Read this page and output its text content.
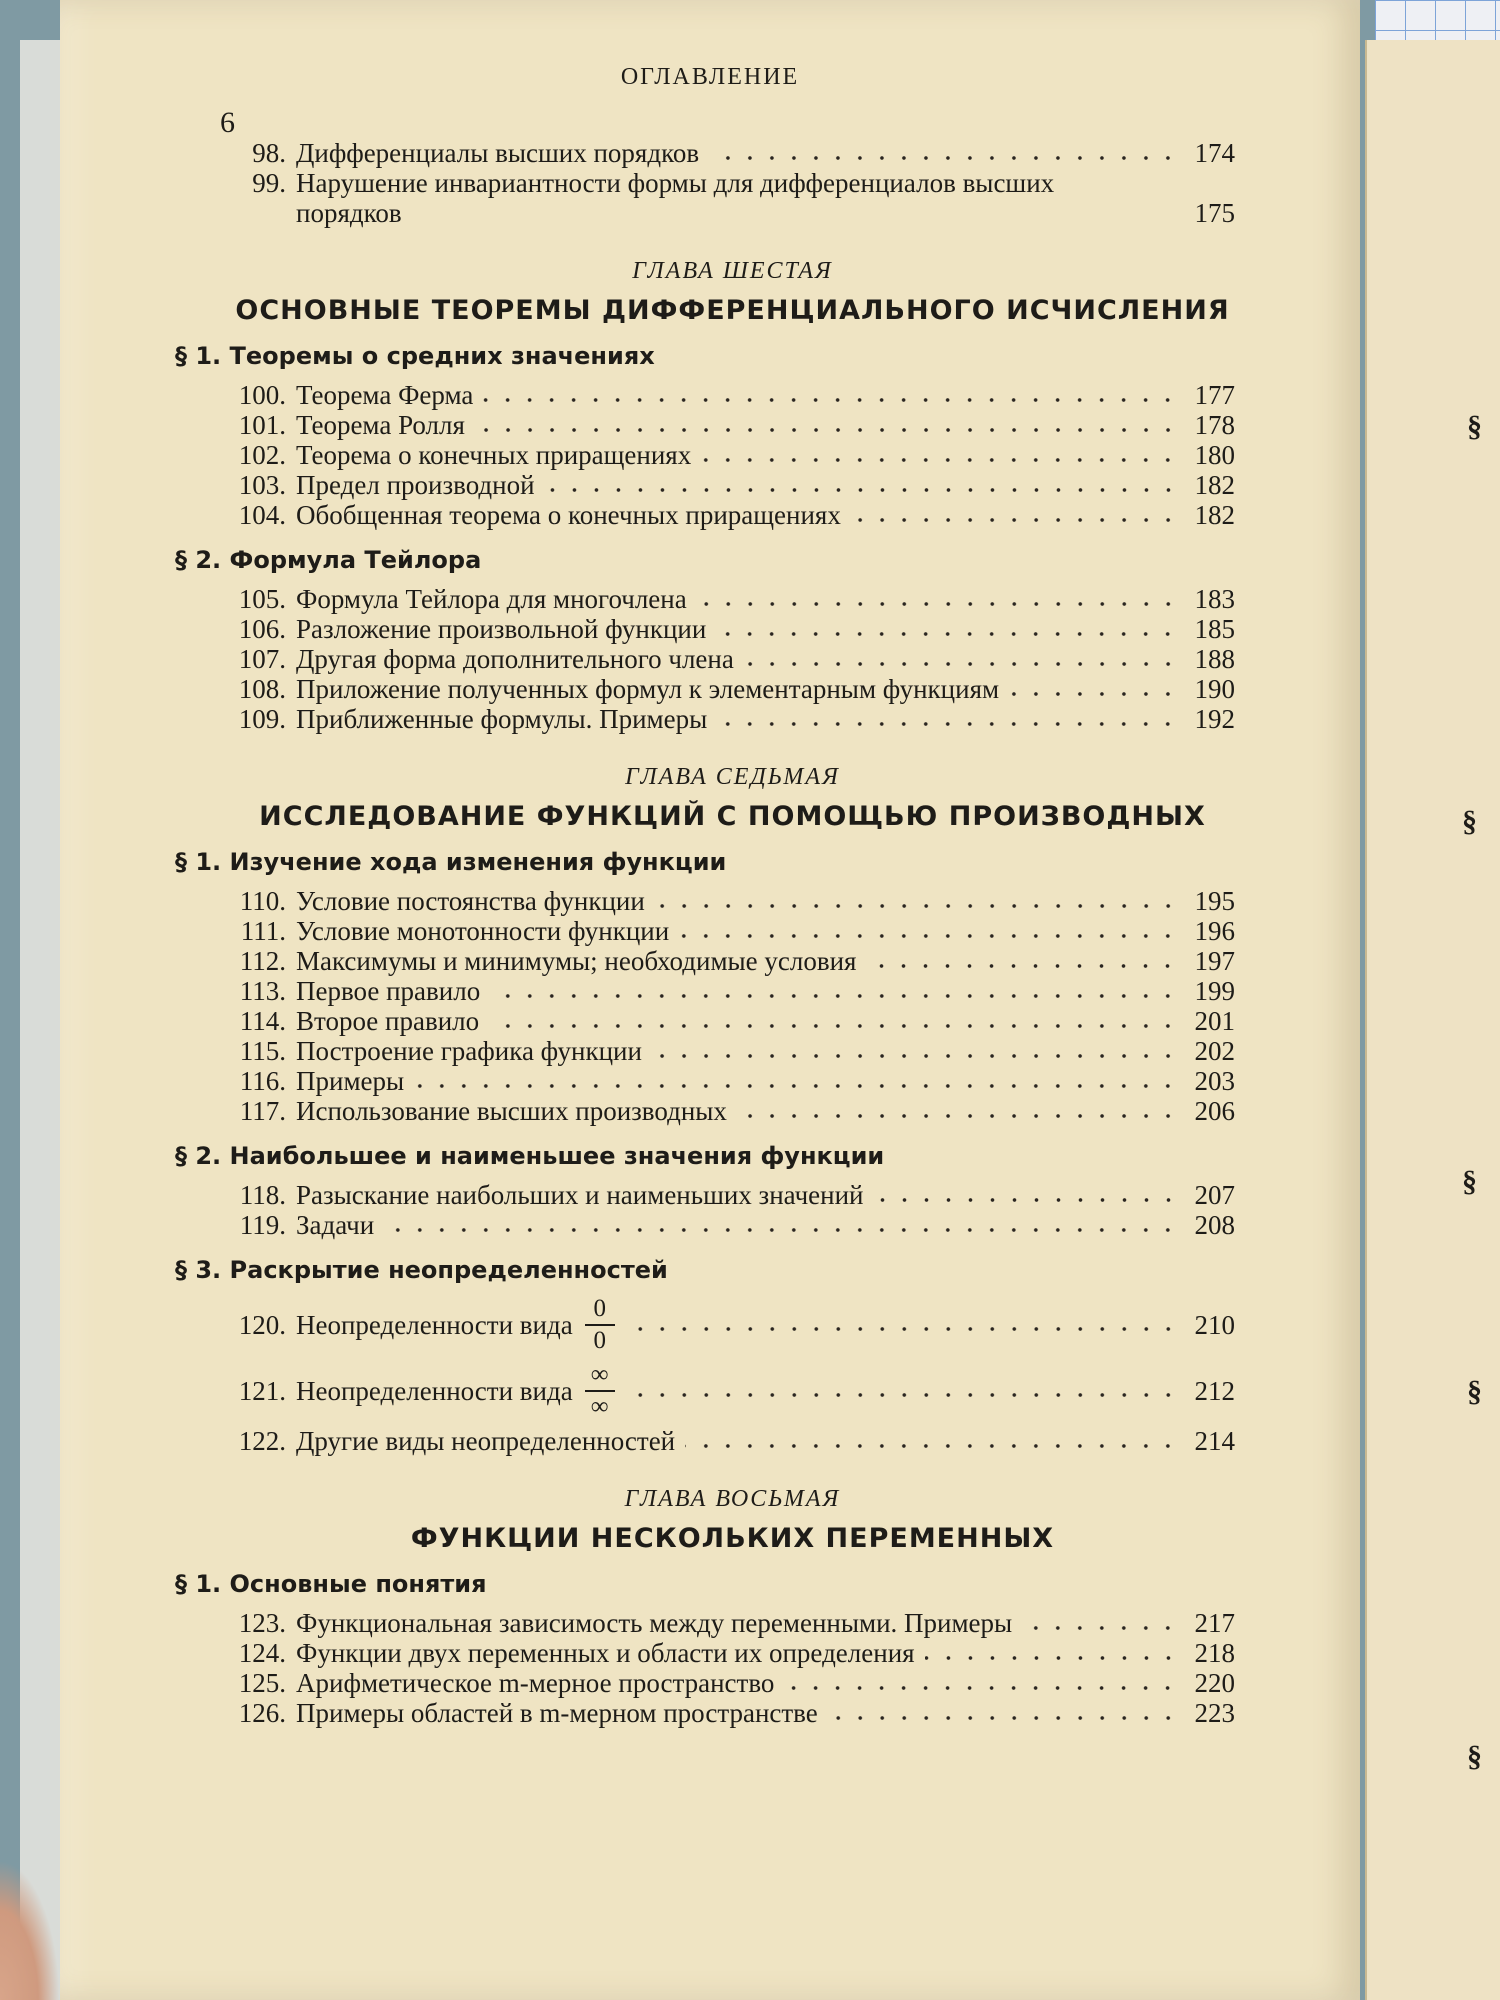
§
§
§
§
§
ОГЛАВЛЕНИЕ
6
98. Дифференциалы высших порядков	174
99. Нарушение инвариантности формы для дифференциалов высших порядков	175
ГЛАВА ШЕСТАЯ
ОСНОВНЫЕ ТЕОРЕМЫ ДИФФЕРЕНЦИАЛЬНОГО ИСЧИСЛЕНИЯ
§ 1. Теоремы о средних значениях
100. Теорема Ферма	177
101. Теорема Ролля	178
102. Теорема о конечных приращениях	180
103. Предел производной	182
104. Обобщенная теорема о конечных приращениях	182
§ 2. Формула Тейлора
105. Формула Тейлора для многочлена	183
106. Разложение произвольной функции	185
107. Другая форма дополнительного члена	188
108. Приложение полученных формул к элементарным функциям	190
109. Приближенные формулы. Примеры	192
ГЛАВА СЕДЬМАЯ
ИССЛЕДОВАНИЕ ФУНКЦИЙ С ПОМОЩЬЮ ПРОИЗВОДНЫХ
§ 1. Изучение хода изменения функции
110. Условие постоянства функции	195
111. Условие монотонности функции	196
112. Максимумы и минимумы; необходимые условия	197
113. Первое правило	199
114. Второе правило	201
115. Построение графика функции	202
116. Примеры	203
117. Использование высших производных	206
§ 2. Наибольшее и наименьшее значения функции
118. Разыскание наибольших и наименьших значений	207
119. Задачи	208
§ 3. Раскрытие неопределенностей
120. Неопределенности вида $\frac{0}{0}$	210
121. Неопределенности вида $\frac{\infty}{\infty}$	212
122. Другие виды неопределенностей	214
ГЛАВА ВОСЬМАЯ
ФУНКЦИИ НЕСКОЛЬКИХ ПЕРЕМЕННЫХ
§ 1. Основные понятия
123. Функциональная зависимость между переменными. Примеры	217
124. Функции двух переменных и области их определения	218
125. Арифметическое m-мерное пространство	220
126. Примеры областей в m-мерном пространстве	223
